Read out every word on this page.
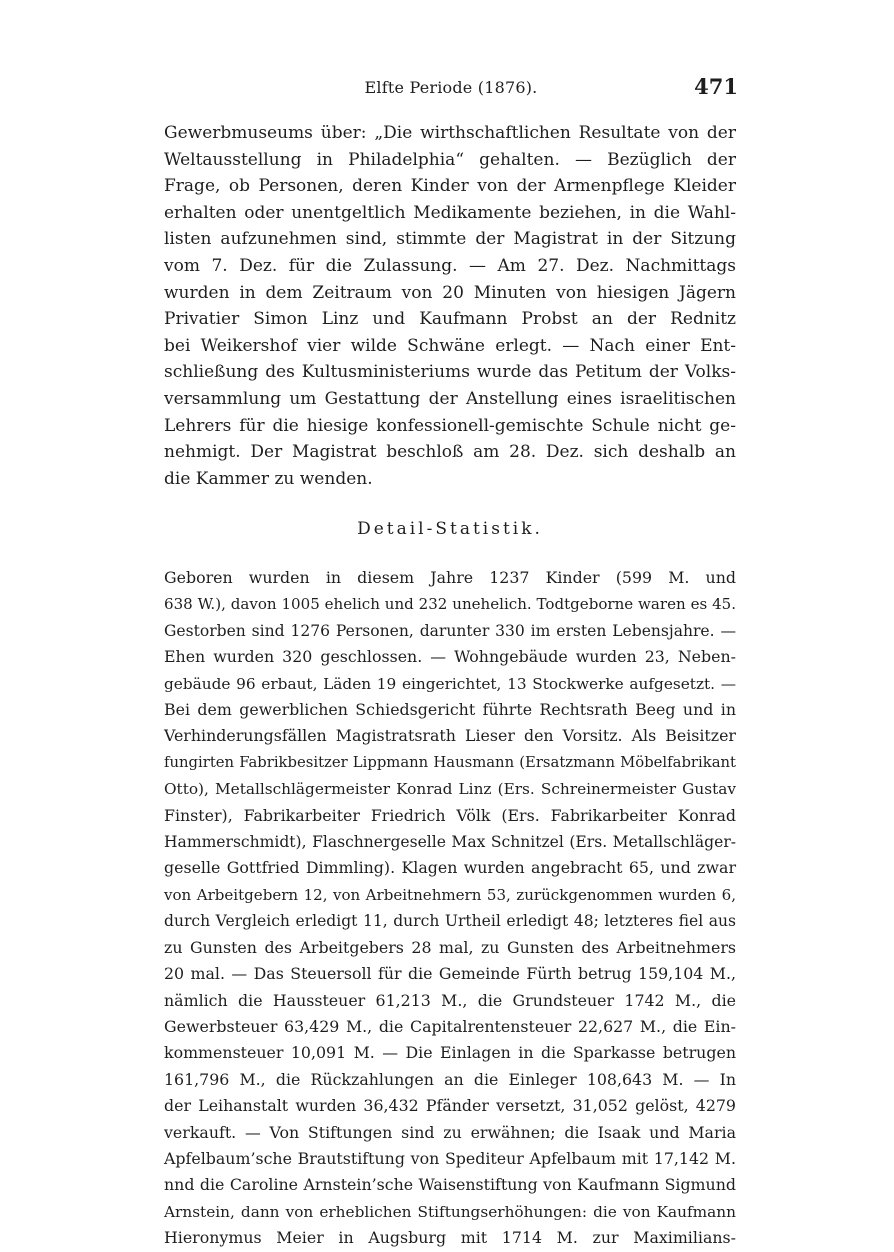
Elfte Periode (1876).	471
Gewerbmuseums über: „Die wirthschaftlichen Resultate von der
Weltausstellung in Philadelphia“ gehalten. — Bezüglich der
Frage, ob Personen, deren Kinder von der Armenpflege Kleider
erhalten oder unentgeltlich Medikamente beziehen, in die Wahl-
listen aufzunehmen sind, stimmte der Magistrat in der Sitzung
vom 7. Dez. für die Zulassung. — Am 27. Dez. Nachmittags
wurden in dem Zeitraum von 20 Minuten von hiesigen Jägern
Privatier Simon Linz und Kaufmann Probst an der Rednitz
bei Weikershof vier wilde Schwäne erlegt. — Nach einer Ent-
schließung des Kultusministeriums wurde das Petitum der Volks-
versammlung um Gestattung der Anstellung eines israelitischen
Lehrers für die hiesige konfessionell-gemischte Schule nicht ge-
nehmigt. Der Magistrat beschloß am 28. Dez. sich deshalb an
die Kammer zu wenden.
Detail-Statistik.
Geboren wurden in diesem Jahre 1237 Kinder (599 M. und
638 W.), davon 1005 ehelich und 232 unehelich. Todtgeborne waren es 45.
Gestorben sind 1276 Personen, darunter 330 im ersten Lebensjahre. —
Ehen wurden 320 geschlossen. — Wohngebäude wurden 23, Neben-
gebäude 96 erbaut, Läden 19 eingerichtet, 13 Stockwerke aufgesetzt. —
Bei dem gewerblichen Schiedsgericht führte Rechtsrath Beeg und in
Verhinderungsfällen Magistratsrath Lieser den Vorsitz. Als Beisitzer
fungirten Fabrikbesitzer Lippmann Hausmann (Ersatzmann Möbelfabrikant
Otto), Metallschlägermeister Konrad Linz (Ers. Schreinermeister Gustav
Finster), Fabrikarbeiter Friedrich Völk (Ers. Fabrikarbeiter Konrad
Hammerschmidt), Flaschnergeselle Max Schnitzel (Ers. Metallschläger-
geselle Gottfried Dimmling). Klagen wurden angebracht 65, und zwar
von Arbeitgebern 12, von Arbeitnehmern 53, zurückgenommen wurden 6,
durch Vergleich erledigt 11, durch Urtheil erledigt 48; letzteres fiel aus
zu Gunsten des Arbeitgebers 28 mal, zu Gunsten des Arbeitnehmers
20 mal. — Das Steuersoll für die Gemeinde Fürth betrug 159,104 M.,
nämlich die Haussteuer 61,213 M., die Grundsteuer 1742 M., die
Gewerbsteuer 63,429 M., die Capitalrentensteuer 22,627 M., die Ein-
kommensteuer 10,091 M. — Die Einlagen in die Sparkasse betrugen
161,796 M., die Rückzahlungen an die Einleger 108,643 M. — In
der Leihanstalt wurden 36,432 Pfänder versetzt, 31,052 gelöst, 4279
verkauft. — Von Stiftungen sind zu erwähnen; die Isaak und Maria
Apfelbaum’sche Brautstiftung von Spediteur Apfelbaum mit 17,142 M.
nnd die Caroline Arnstein’sche Waisenstiftung von Kaufmann Sigmund
Arnstein, dann von erheblichen Stiftungserhöhungen: die von Kaufmann
Hieronymus Meier in Augsburg mit 1714 M. zur Maximilians-
